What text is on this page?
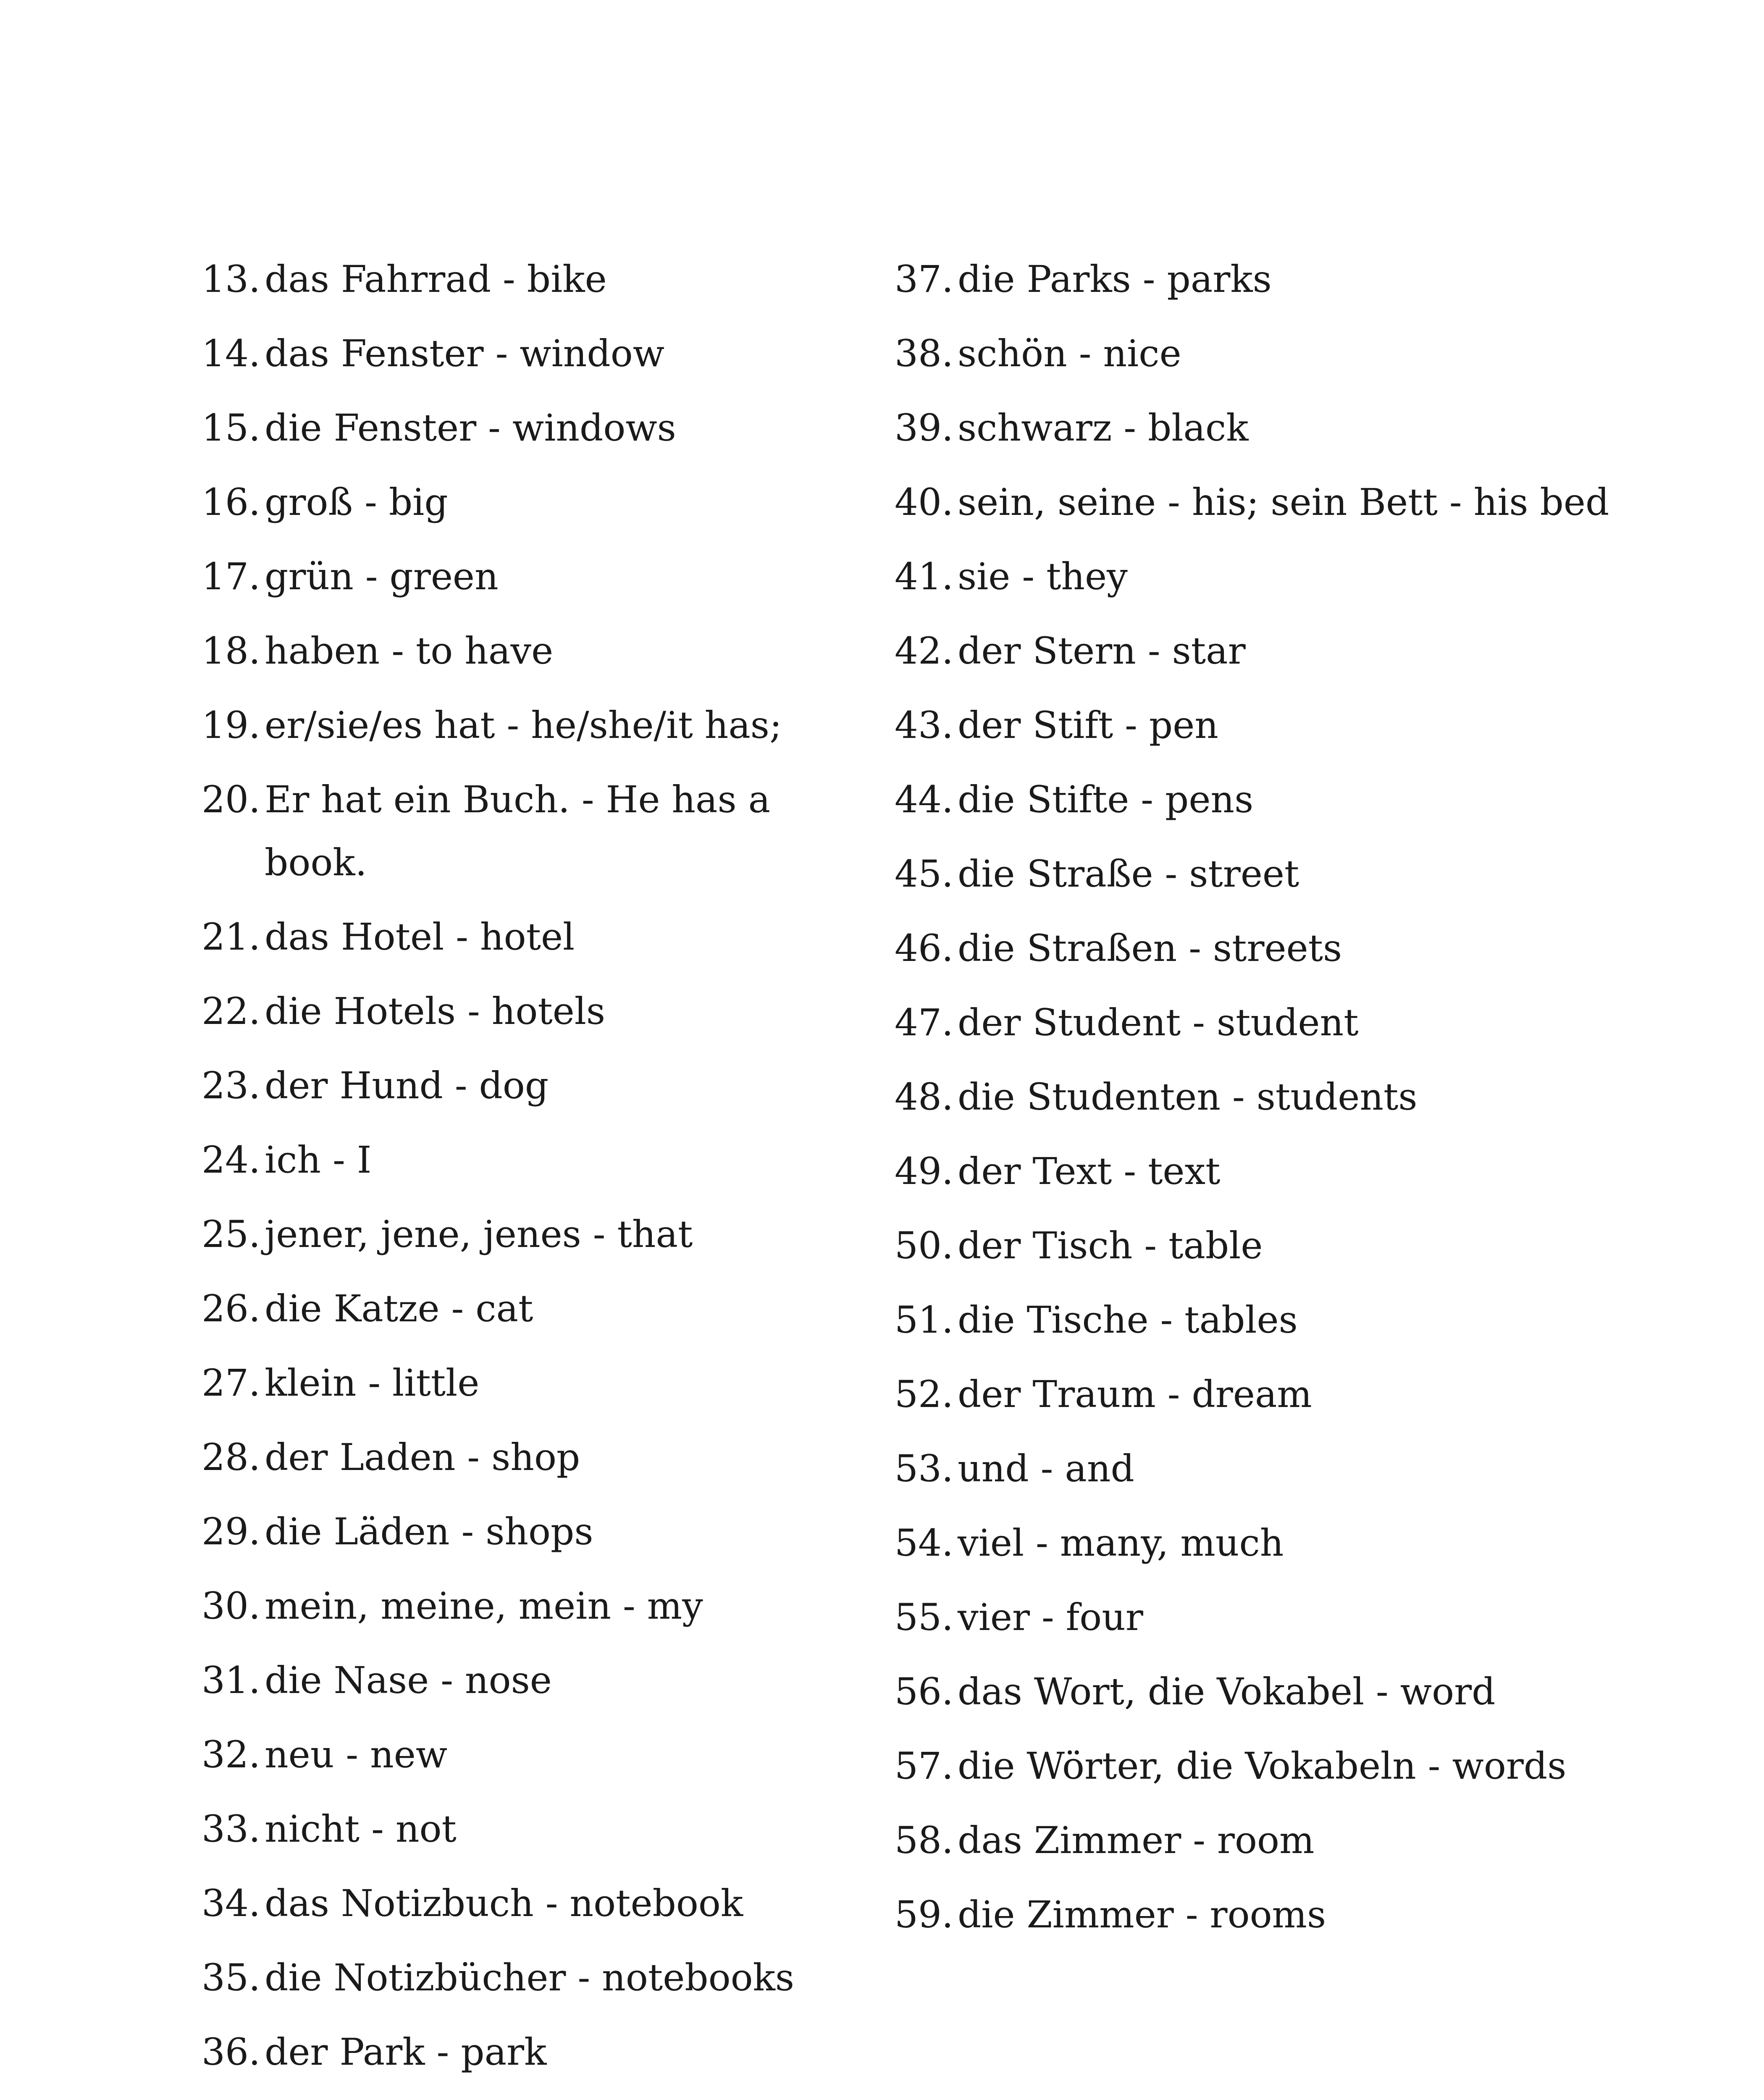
13. das Fahrrad - bike
14. das Fenster - window
15. die Fenster - windows
16. groß - big
17. grün - green
18. haben - to have
19. er/sie/es hat - he/she/it has;
20. Er hat ein Buch. - He has a book.
21. das Hotel - hotel
22. die Hotels - hotels
23. der Hund - dog
24. ich - I
25. jener, jene, jenes - that
26. die Katze - cat
27. klein - little
28. der Laden - shop
29. die Läden - shops
30. mein, meine, mein - my
31. die Nase - nose
32. neu - new
33. nicht - not
34. das Notizbuch - notebook
35. die Notizbücher - notebooks
36. der Park - park
37. die Parks - parks
38. schön - nice
39. schwarz - black
40. sein, seine - his; sein Bett - his bed
41. sie - they
42. der Stern - star
43. der Stift - pen
44. die Stifte - pens
45. die Straße - street
46. die Straßen - streets
47. der Student - student
48. die Studenten - students
49. der Text - text
50. der Tisch - table
51. die Tische - tables
52. der Traum - dream
53. und - and
54. viel - many, much
55. vier - four
56. das Wort, die Vokabel - word
57. die Wörter, die Vokabeln - words
58. das Zimmer - room
59. die Zimmer - rooms
